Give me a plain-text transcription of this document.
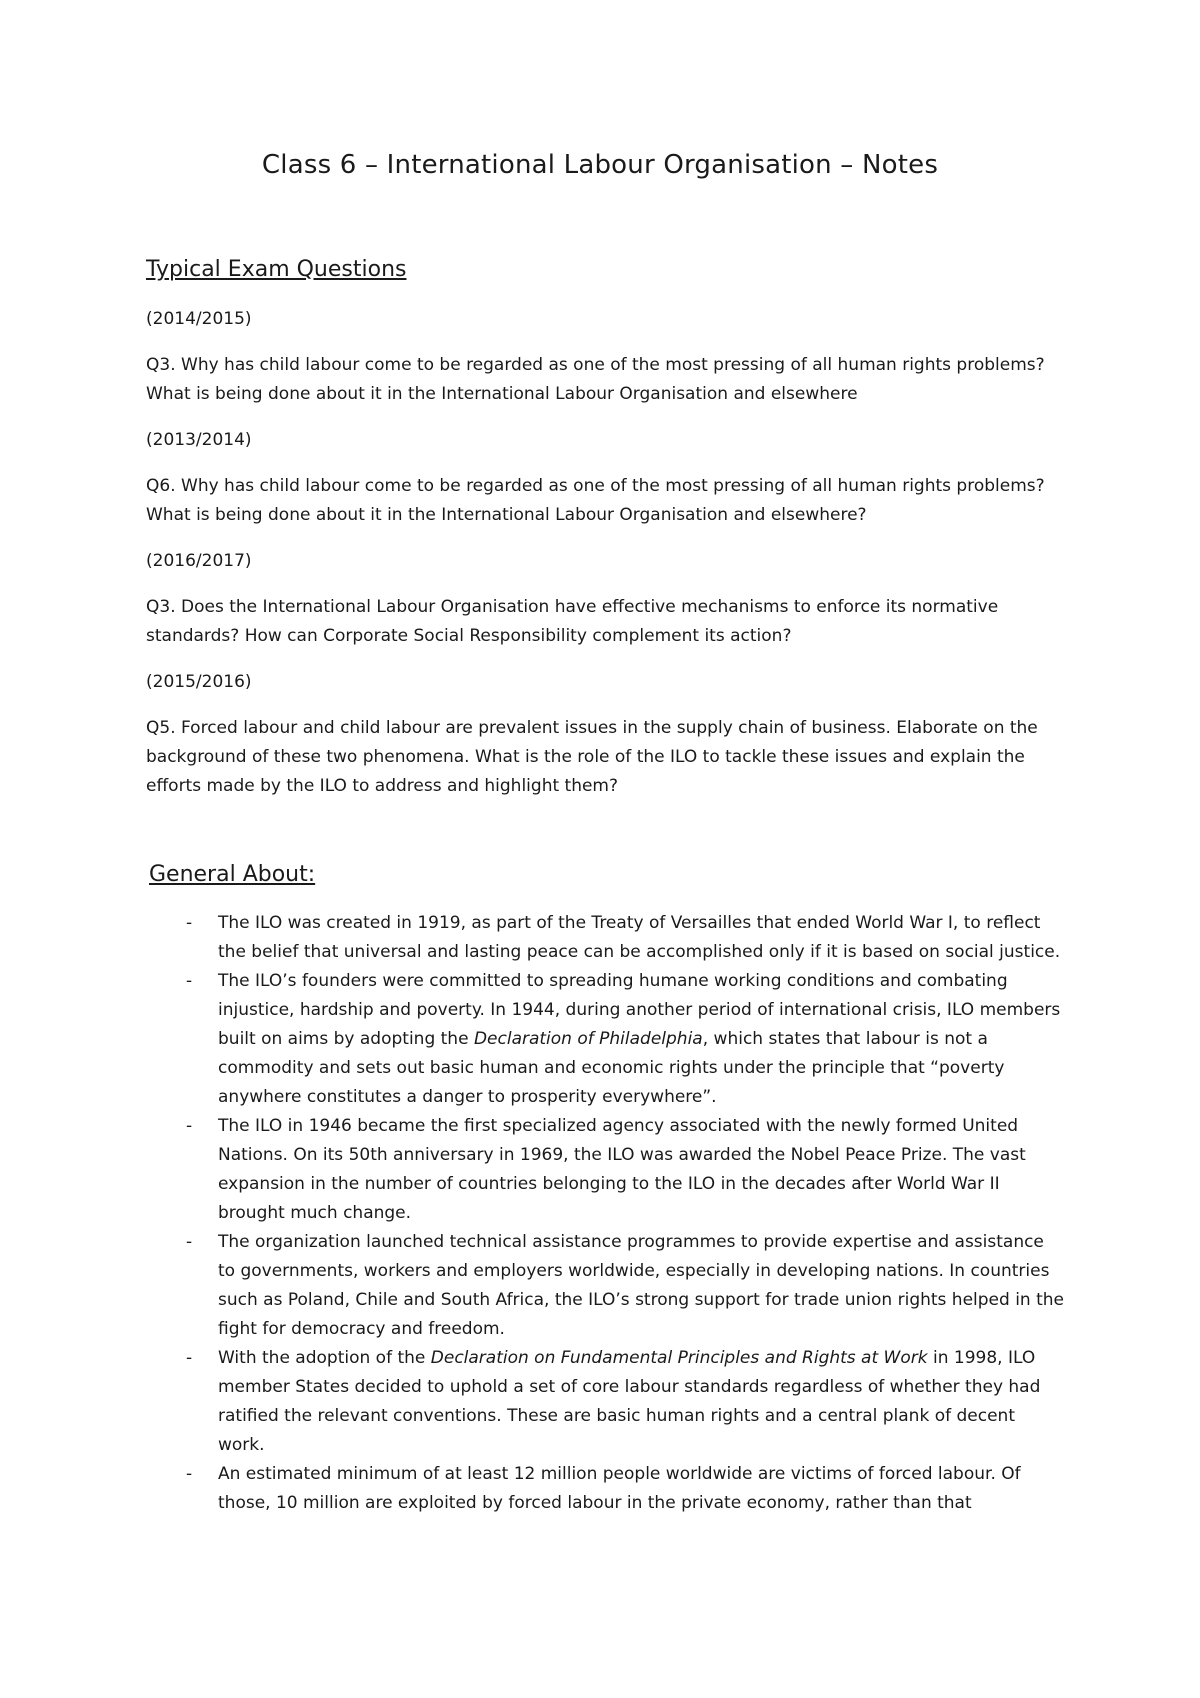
Class 6 – International Labour Organisation – Notes
Typical Exam Questions

(2014/2015)

Q3. Why has child labour come to be regarded as one of the most pressing of all human rights problems? What is being done about it in the International Labour Organisation and elsewhere

(2013/2014)

Q6. Why has child labour come to be regarded as one of the most pressing of all human rights problems? What is being done about it in the International Labour Organisation and elsewhere?

(2016/2017)

Q3. Does the International Labour Organisation have effective mechanisms to enforce its normative standards? How can Corporate Social Responsibility complement its action?

(2015/2016)

Q5. Forced labour and child labour are prevalent issues in the supply chain of business. Elaborate on the background of these two phenomena. What is the role of the ILO to tackle these issues and explain the efforts made by the ILO to address and highlight them?

General About:
- The ILO was created in 1919, as part of the Treaty of Versailles that ended World War I, to reflect the belief that universal and lasting peace can be accomplished only if it is based on social justice.
- The ILO’s founders were committed to spreading humane working conditions and combating injustice, hardship and poverty. In 1944, during another period of international crisis, ILO members built on aims by adopting the Declaration of Philadelphia, which states that labour is not a commodity and sets out basic human and economic rights under the principle that “poverty anywhere constitutes a danger to prosperity everywhere”.
- The ILO in 1946 became the first specialized agency associated with the newly formed United Nations. On its 50th anniversary in 1969, the ILO was awarded the Nobel Peace Prize. The vast expansion in the number of countries belonging to the ILO in the decades after World War II brought much change.
- The organization launched technical assistance programmes to provide expertise and assistance to governments, workers and employers worldwide, especially in developing nations. In countries such as Poland, Chile and South Africa, the ILO’s strong support for trade union rights helped in the fight for democracy and freedom.
- With the adoption of the Declaration on Fundamental Principles and Rights at Work in 1998, ILO member States decided to uphold a set of core labour standards regardless of whether they had ratified the relevant conventions. These are basic human rights and a central plank of decent work.
- An estimated minimum of at least 12 million people worldwide are victims of forced labour. Of those, 10 million are exploited by forced labour in the private economy, rather than that
